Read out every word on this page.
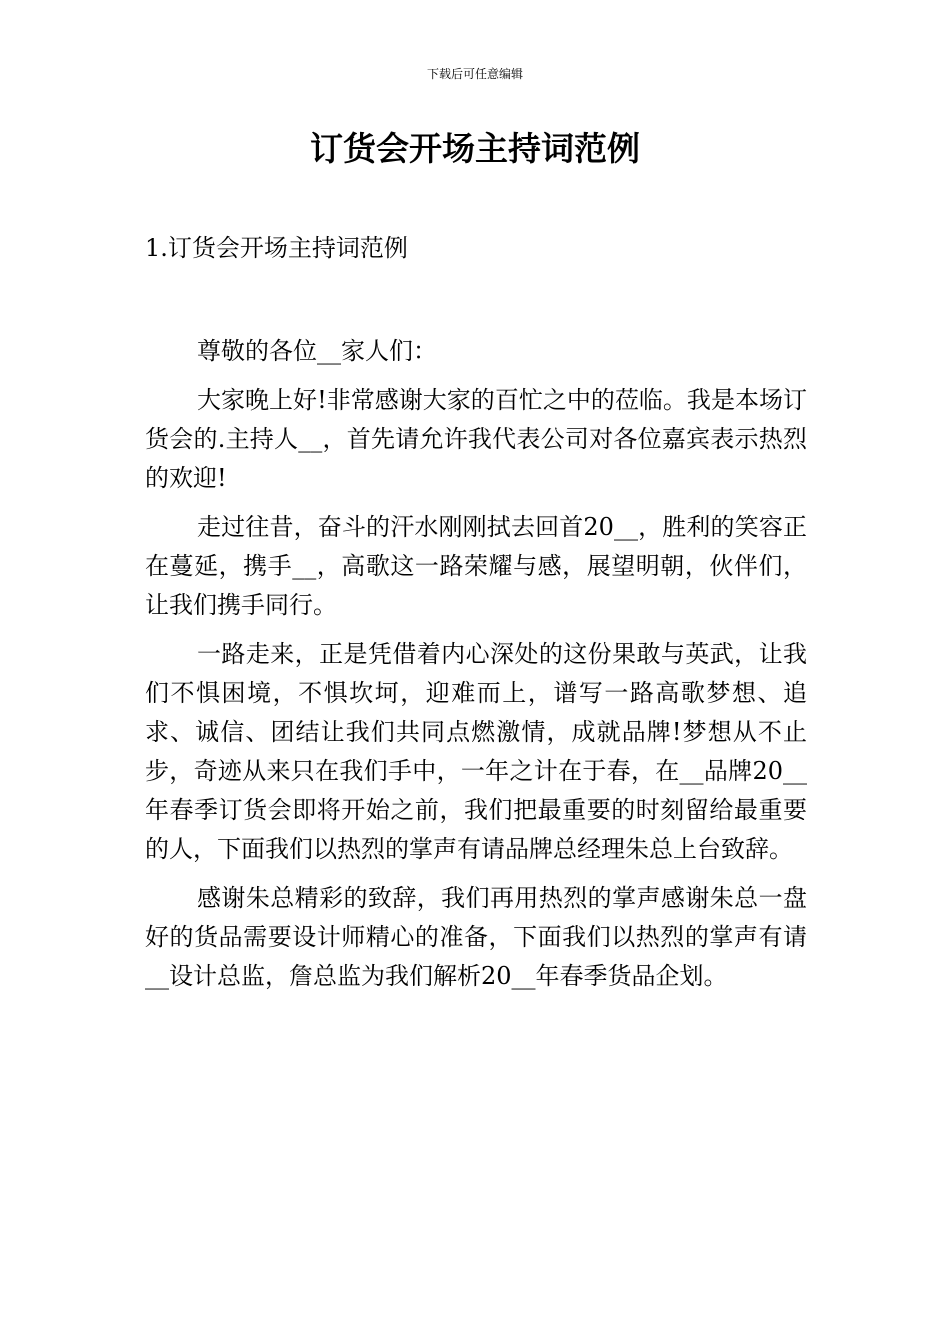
下载后可任意编辑
订货会开场主持词范例
1.订货会开场主持词范例

尊敬的各位__家人们：

大家晚上好!非常感谢大家的百忙之中的莅临。我是本场订货会的.主持人__，首先请允许我代表公司对各位嘉宾表示热烈的欢迎!

走过往昔，奋斗的汗水刚刚拭去回首20__，胜利的笑容正在蔓延，携手__，高歌这一路荣耀与感，展望明朝，伙伴们，让我们携手同行。

一路走来，正是凭借着内心深处的这份果敢与英武，让我们不惧困境，不惧坎坷，迎难而上，谱写一路高歌梦想、追求、诚信、团结让我们共同点燃激情，成就品牌!梦想从不止步，奇迹从来只在我们手中，一年之计在于春，在__品牌20__年春季订货会即将开始之前，我们把最重要的时刻留给最重要的人，下面我们以热烈的掌声有请品牌总经理朱总上台致辞。

感谢朱总精彩的致辞，我们再用热烈的掌声感谢朱总一盘好的货品需要设计师精心的准备，下面我们以热烈的掌声有请__设计总监，詹总监为我们解析20__年春季货品企划。
